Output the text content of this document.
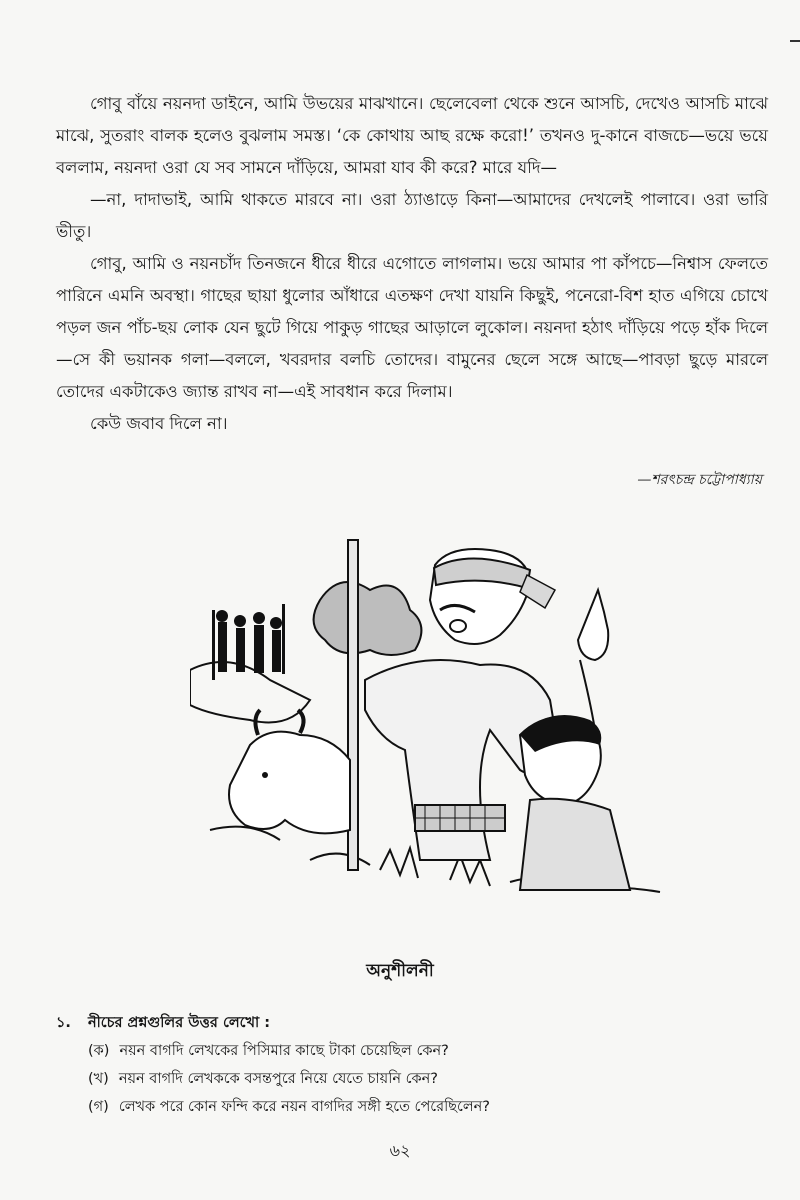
গোবু বাঁয়ে নয়নদা ডাইনে, আমি উভয়ের মাঝখানে। ছেলেবেলা থেকে শুনে আসচি, দেখেও আসচি মাঝে মাঝে, সুতরাং বালক হলেও বুঝলাম সমস্ত। ‘কে কোথায় আছ রক্ষে করো!’ তখনও দু-কানে বাজচে—ভয়ে ভয়ে বললাম, নয়নদা ওরা যে সব সামনে দাঁড়িয়ে, আমরা যাব কী করে? মারে যদি—

—না, দাদাভাই, আমি থাকতে মারবে না। ওরা ঠ্যাঙাড়ে কিনা—আমাদের দেখলেই পালাবে। ওরা ভারি ভীতু।

গোবু, আমি ও নয়নচাঁদ তিনজনে ধীরে ধীরে এগোতে লাগলাম। ভয়ে আমার পা কাঁপচে—নিশ্বাস ফেলতে পারিনে এমনি অবস্থা। গাছের ছায়া ধুলোর আঁধারে এতক্ষণ দেখা যায়নি কিছুই, পনেরো-বিশ হাত এগিয়ে চোখে পড়ল জন পাঁচ-ছয় লোক যেন ছুটে গিয়ে পাকুড় গাছের আড়ালে লুকোল। নয়নদা হঠাৎ দাঁড়িয়ে পড়ে হাঁক দিলে—সে কী ভয়ানক গলা—বললে, খবরদার বলচি তোদের। বামুনের ছেলে সঙ্গে আছে—পাবড়া ছুড়ে মারলে তোদের একটাকেও জ্যান্ত রাখব না—এই সাবধান করে দিলাম।

কেউ জবাব দিলে না।

—শরৎচন্দ্র চট্টোপাধ্যায়
অনুশীলনী
১. নীচের প্রশ্নগুলির উত্তর লেখো :
(ক) নয়ন বাগদি লেখকের পিসিমার কাছে টাকা চেয়েছিল কেন?
(খ) নয়ন বাগদি লেখককে বসন্তপুরে নিয়ে যেতে চায়নি কেন?
(গ) লেখক পরে কোন ফন্দি করে নয়ন বাগদির সঙ্গী হতে পেরেছিলেন?
৬২
